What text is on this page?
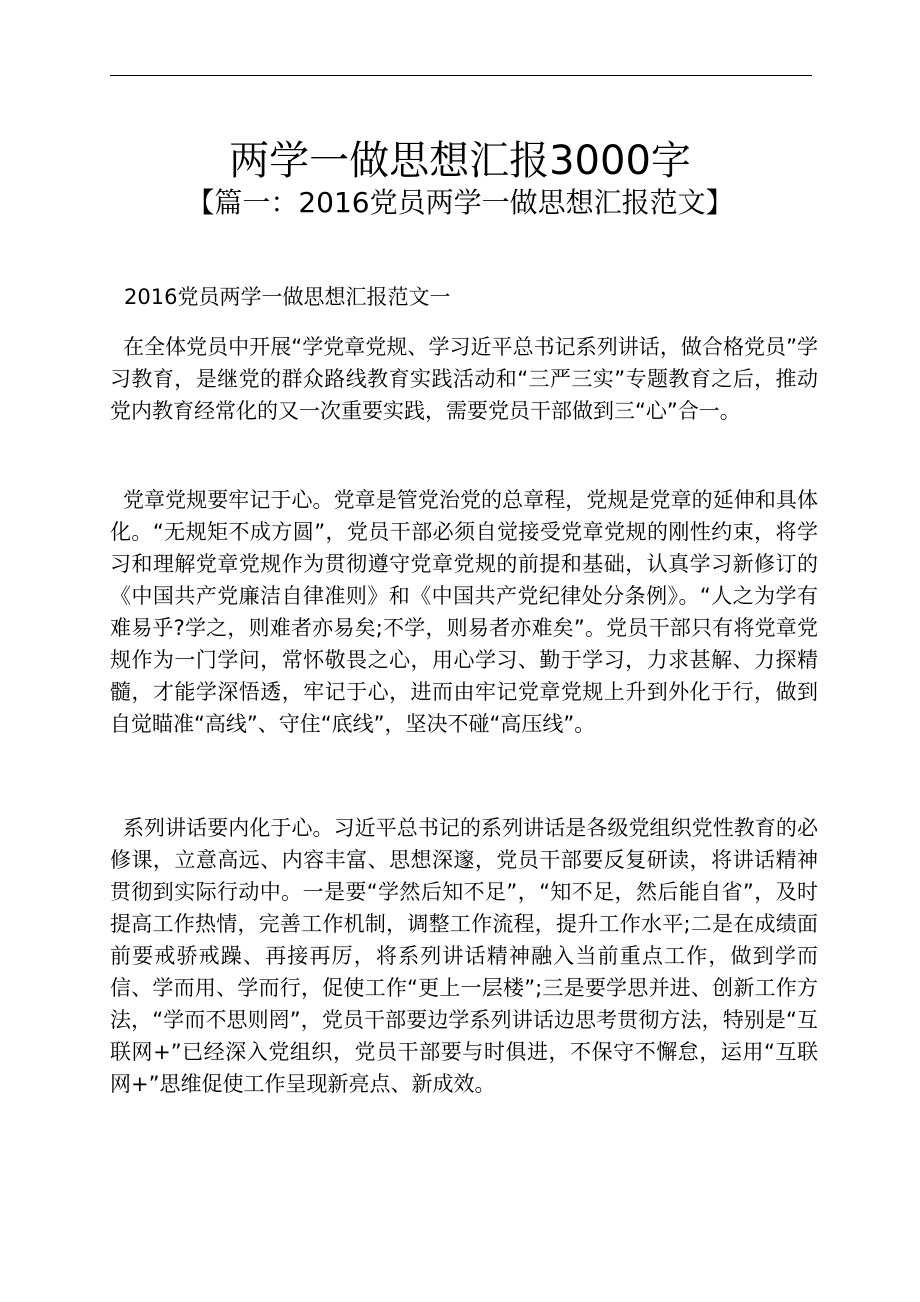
两学一做思想汇报3000字
【篇一：2016党员两学一做思想汇报范文】
2016党员两学一做思想汇报范文一

在全体党员中开展“学党章党规、学习近平总书记系列讲话，做合格党员”学习教育，是继党的群众路线教育实践活动和“三严三实”专题教育之后，推动党内教育经常化的又一次重要实践，需要党员干部做到三“心”合一。

党章党规要牢记于心。党章是管党治党的总章程，党规是党章的延伸和具体化。“无规矩不成方圆”，党员干部必须自觉接受党章党规的刚性约束，将学习和理解党章党规作为贯彻遵守党章党规的前提和基础，认真学习新修订的《中国共产党廉洁自律准则》和《中国共产党纪律处分条例》。“人之为学有难易乎?学之，则难者亦易矣;不学，则易者亦难矣”。党员干部只有将党章党规作为一门学问，常怀敬畏之心，用心学习、勤于学习，力求甚解、力探精髓，才能学深悟透，牢记于心，进而由牢记党章党规上升到外化于行，做到自觉瞄准“高线”、守住“底线”，坚决不碰“高压线”。

系列讲话要内化于心。习近平总书记的系列讲话是各级党组织党性教育的必修课，立意高远、内容丰富、思想深邃，党员干部要反复研读，将讲话精神贯彻到实际行动中。一是要“学然后知不足”，“知不足，然后能自省”，及时提高工作热情，完善工作机制，调整工作流程，提升工作水平;二是在成绩面前要戒骄戒躁、再接再厉，将系列讲话精神融入当前重点工作，做到学而信、学而用、学而行，促使工作“更上一层楼”;三是要学思并进、创新工作方法，“学而不思则罔”，党员干部要边学系列讲话边思考贯彻方法，特别是“互联网+”已经深入党组织，党员干部要与时俱进，不保守不懈怠，运用“互联网+”思维促使工作呈现新亮点、新成效。
